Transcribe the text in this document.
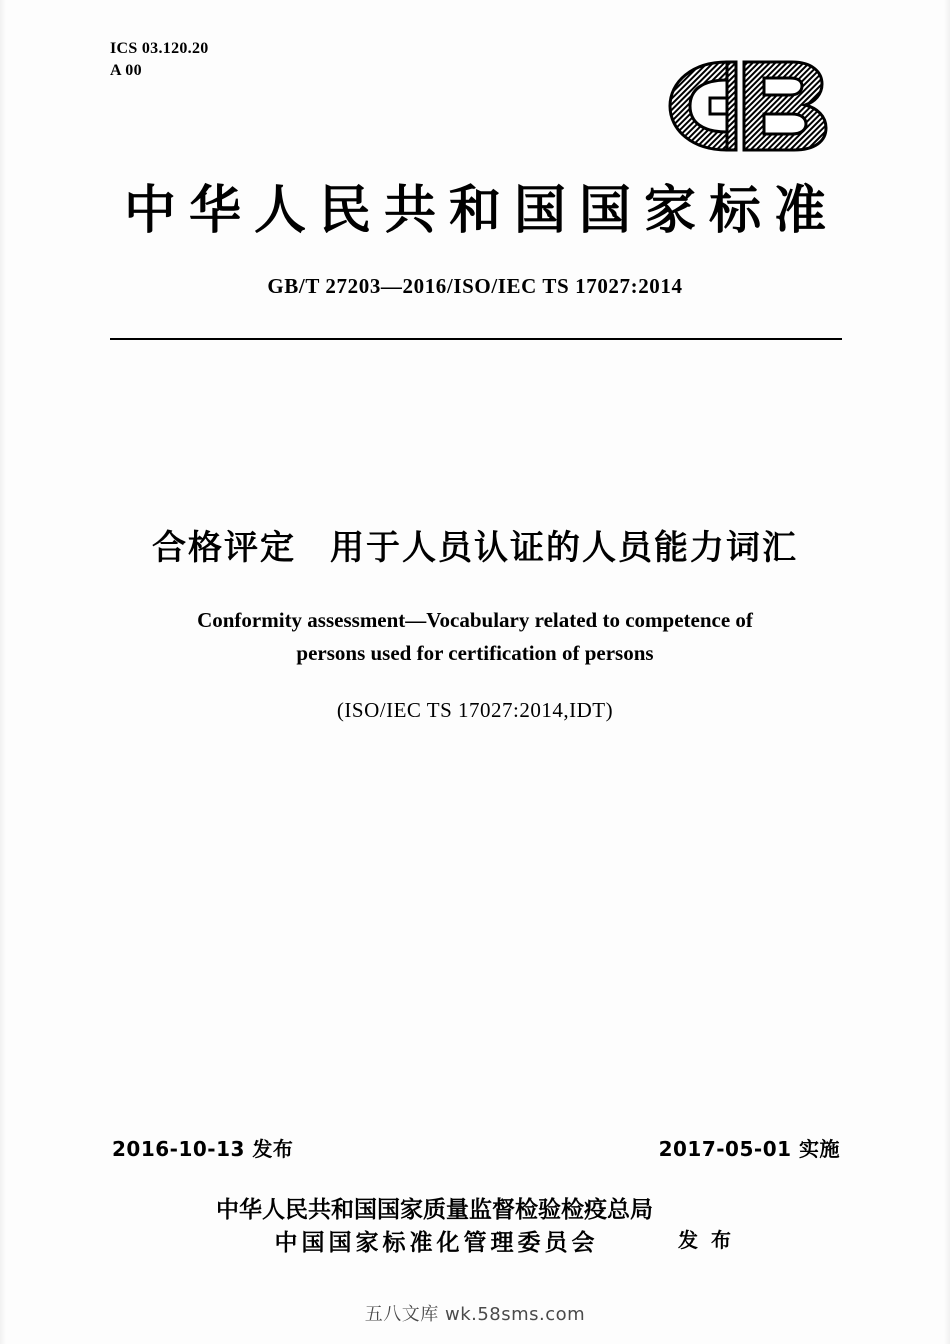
ICS 03.120.20
A 00
中华人民共和国国家标准
GB/T 27203—2016/ISO/IEC TS 17027:2014
合格评定 用于人员认证的人员能力词汇
Conformity assessment—Vocabulary related to competence of
persons used for certification of persons
(ISO/IEC TS 17027:2014,IDT)
2016-10-13 发布	2017-05-01 实施
中华人民共和国国家质量监督检验检疫总局
中国国家标准化管理委员会	发 布
五八文库 wk.58sms.com
